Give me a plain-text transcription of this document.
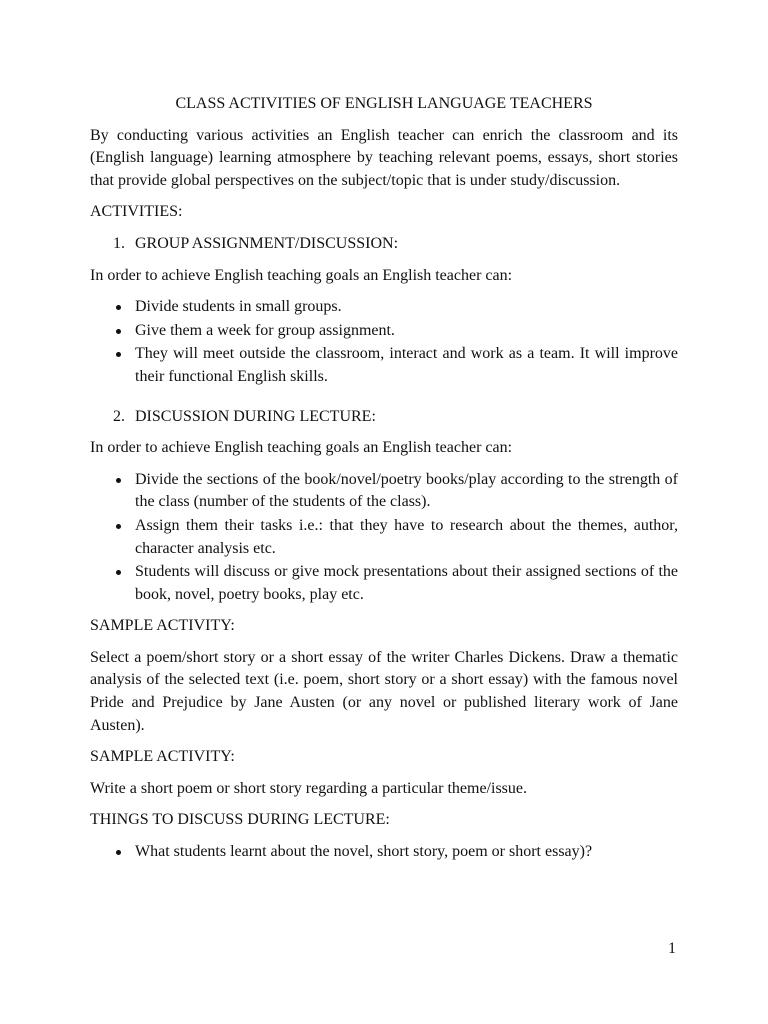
CLASS ACTIVITIES OF ENGLISH LANGUAGE TEACHERS

By conducting various activities an English teacher can enrich the classroom and its (English language) learning atmosphere by teaching relevant poems, essays, short stories that provide global perspectives on the subject/topic that is under study/discussion.

ACTIVITIES:

1. GROUP ASSIGNMENT/DISCUSSION:

In order to achieve English teaching goals an English teacher can:

Divide students in small groups.
Give them a week for group assignment.
They will meet outside the classroom, interact and work as a team. It will improve their functional English skills.
2. DISCUSSION DURING LECTURE:

In order to achieve English teaching goals an English teacher can:

Divide the sections of the book/novel/poetry books/play according to the strength of the class (number of the students of the class).
Assign them their tasks i.e.: that they have to research about the themes, author, character analysis etc.
Students will discuss or give mock presentations about their assigned sections of the book, novel, poetry books, play etc.

SAMPLE ACTIVITY:

Select a poem/short story or a short essay of the writer Charles Dickens. Draw a thematic analysis of the selected text (i.e. poem, short story or a short essay) with the famous novel Pride and Prejudice by Jane Austen (or any novel or published literary work of Jane Austen).

SAMPLE ACTIVITY:

Write a short poem or short story regarding a particular theme/issue.

THINGS TO DISCUSS DURING LECTURE:

What students learnt about the novel, short story, poem or short essay)?
1
